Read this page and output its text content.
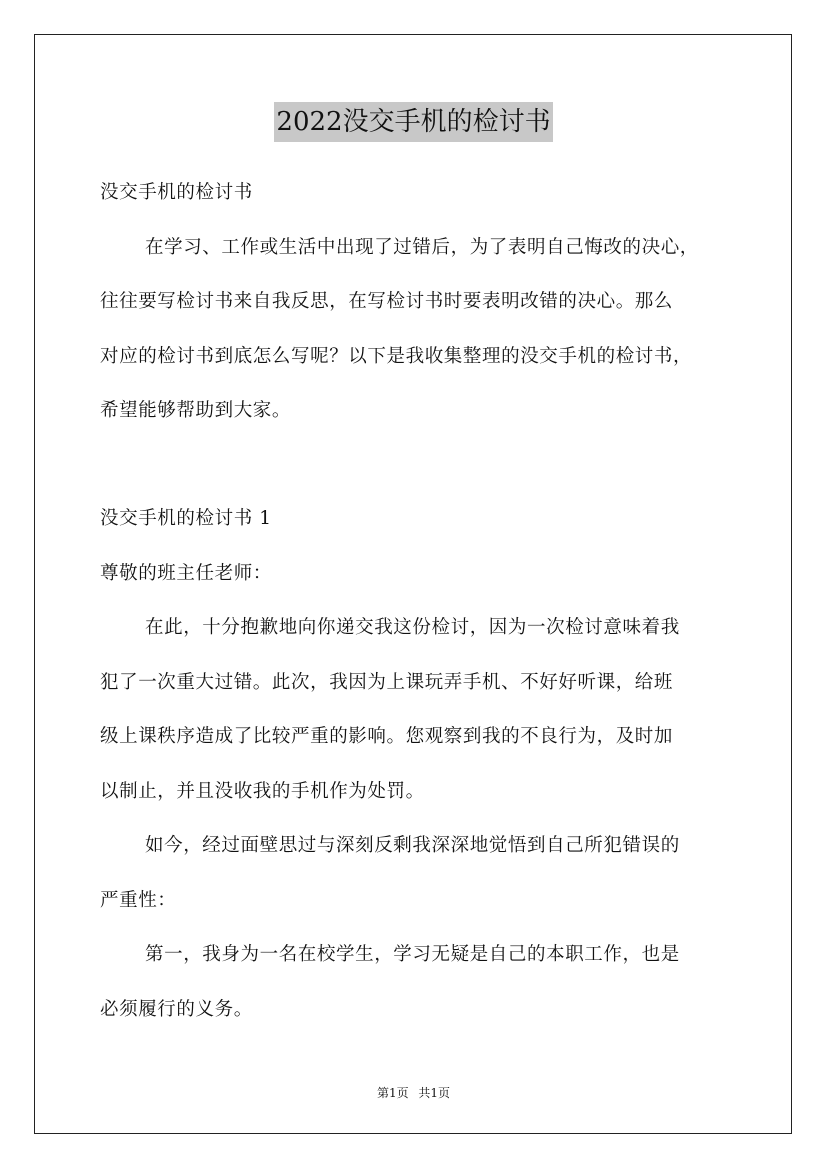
2022没交手机的检讨书
没交手机的检讨书
在学习、工作或生活中出现了过错后，为了表明自己悔改的决心，
往往要写检讨书来自我反思，在写检讨书时要表明改错的决心。那么
对应的检讨书到底怎么写呢？以下是我收集整理的没交手机的检讨书，
希望能够帮助到大家。
没交手机的检讨书 1
尊敬的班主任老师：
在此，十分抱歉地向你递交我这份检讨，因为一次检讨意味着我
犯了一次重大过错。此次，我因为上课玩弄手机、不好好听课，给班
级上课秩序造成了比较严重的影响。您观察到我的不良行为，及时加
以制止，并且没收我的手机作为处罚。
如今，经过面壁思过与深刻反剩我深深地觉悟到自己所犯错误的
严重性：
第一，我身为一名在校学生，学习无疑是自己的本职工作，也是
必须履行的义务。
第1页 共1页
